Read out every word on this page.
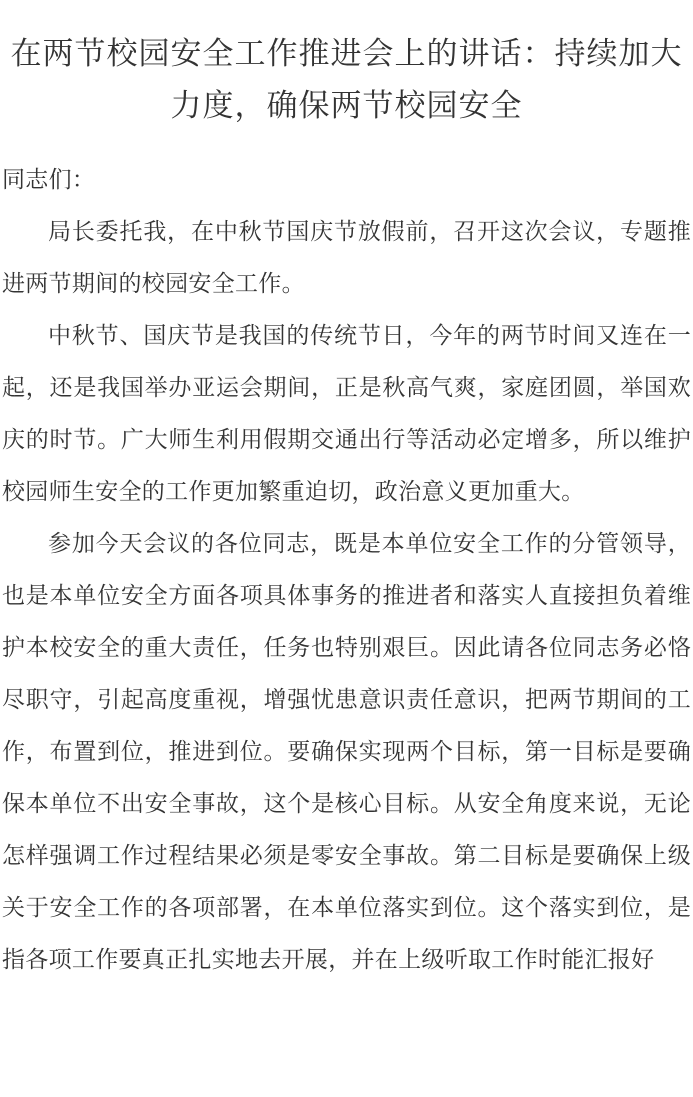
在两节校园安全工作推进会上的讲话：持续加大力度，确保两节校园安全

同志们：

局长委托我，在中秋节国庆节放假前，召开这次会议，专题推进两节期间的校园安全工作。

中秋节、国庆节是我国的传统节日，今年的两节时间又连在一起，还是我国举办亚运会期间，正是秋高气爽，家庭团圆，举国欢庆的时节。广大师生利用假期交通出行等活动必定增多，所以维护校园师生安全的工作更加繁重迫切，政治意义更加重大。

参加今天会议的各位同志，既是本单位安全工作的分管领导，也是本单位安全方面各项具体事务的推进者和落实人直接担负着维护本校安全的重大责任，任务也特别艰巨。因此请各位同志务必恪尽职守，引起高度重视，增强忧患意识责任意识，把两节期间的工作，布置到位，推进到位。要确保实现两个目标，第一目标是要确保本单位不出安全事故，这个是核心目标。从安全角度来说，无论怎样强调工作过程结果必须是零安全事故。第二目标是要确保上级关于安全工作的各项部署，在本单位落实到位。这个落实到位，是指各项工作要真正扎实地去开展，并在上级听取工作时能汇报好
